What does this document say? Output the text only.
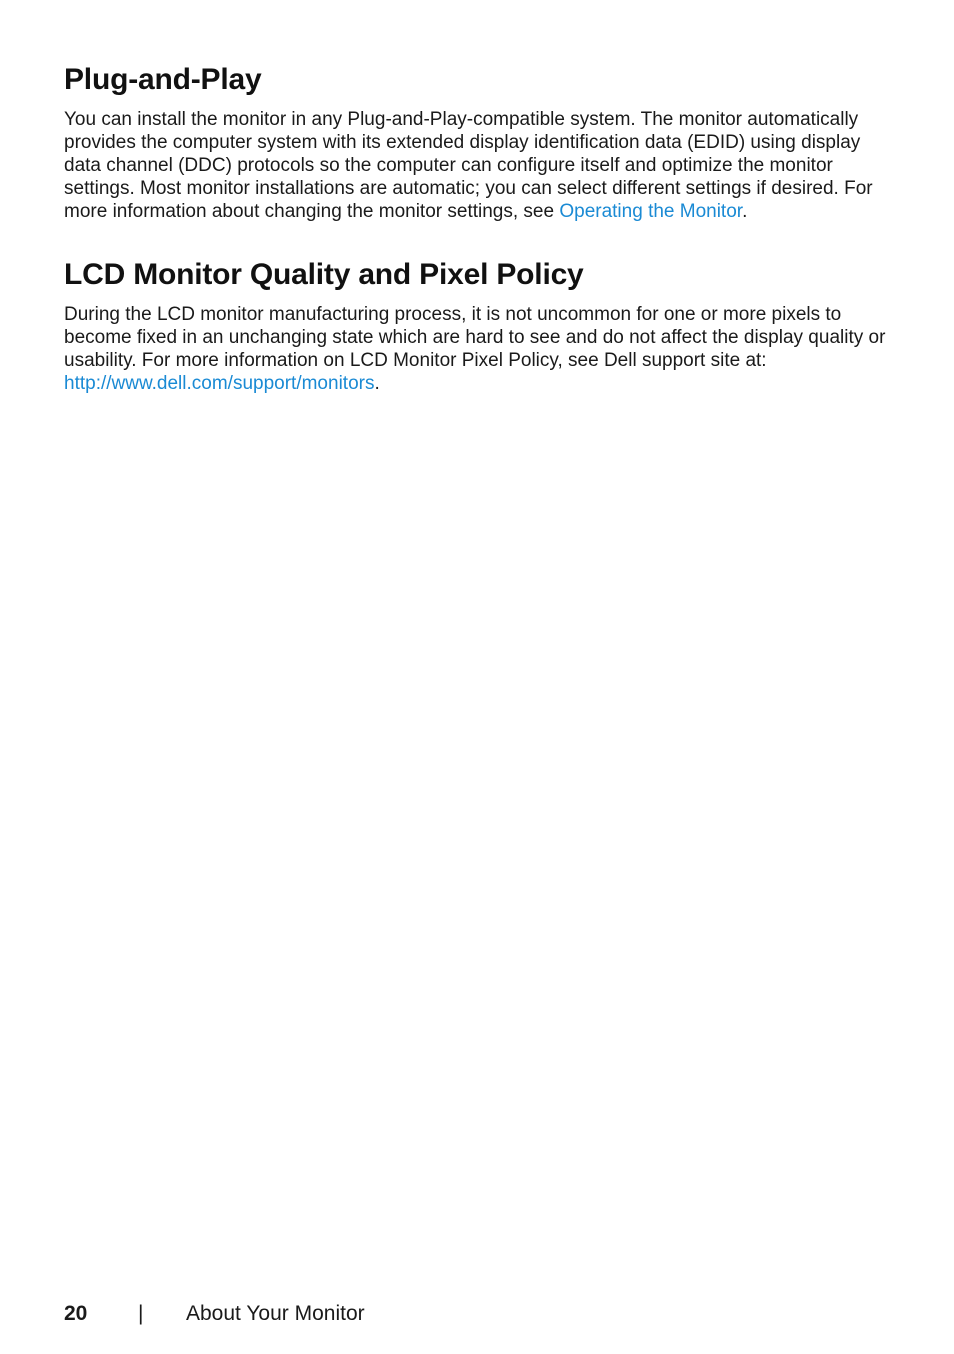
Plug-and-Play

You can install the monitor in any Plug-and-Play-compatible system. The monitor automatically provides the computer system with its extended display identification data (EDID) using display data channel (DDC) protocols so the computer can configure itself and optimize the monitor settings. Most monitor installations are automatic; you can select different settings if desired. For more information about changing the monitor settings, see Operating the Monitor.

LCD Monitor Quality and Pixel Policy

During the LCD monitor manufacturing process, it is not uncommon for one or more pixels to become fixed in an unchanging state which are hard to see and do not affect the display quality or usability. For more information on LCD Monitor Pixel Policy, see Dell support site at: http://www.dell.com/support/monitors.

20 | About Your Monitor
